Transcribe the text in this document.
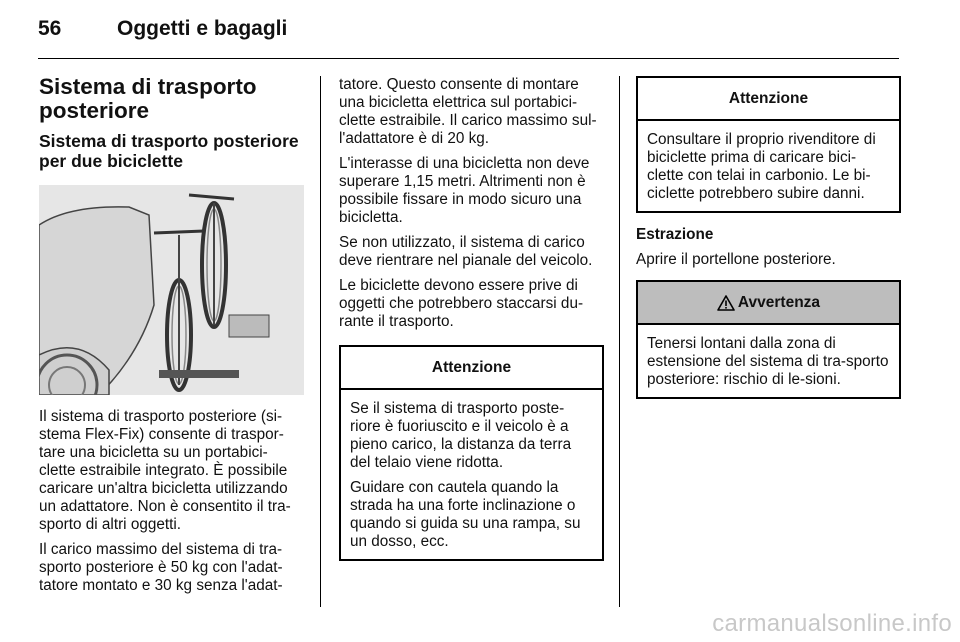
56	Oggetti e bagagli
Sistema di trasporto posteriore
Sistema di trasporto posteriore per due biciclette

Il sistema di trasporto posteriore (si-stema Flex-Fix) consente di traspor-tare una bicicletta su un portabici-clette estraibile integrato. È possibile caricare un'altra bicicletta utilizzando un adattatore. Non è consentito il tra-sporto di altri oggetti.

Il carico massimo del sistema di tra-sporto posteriore è 50 kg con l'adat-tatore montato e 30 kg senza l'adat-

tatore. Questo consente di montare una bicicletta elettrica sul portabici-clette estraibile. Il carico massimo sul-l'adattatore è di 20 kg.

L'interasse di una bicicletta non deve superare 1,15 metri. Altrimenti non è possibile fissare in modo sicuro una bicicletta.

Se non utilizzato, il sistema di carico deve rientrare nel pianale del veicolo.

Le biciclette devono essere prive di oggetti che potrebbero staccarsi du-rante il trasporto.

Attenzione

Se il sistema di trasporto poste-riore è fuoriuscito e il veicolo è a pieno carico, la distanza da terra del telaio viene ridotta.

Guidare con cautela quando la strada ha una forte inclinazione o quando si guida su una rampa, su un dosso, ecc.

Attenzione

Consultare il proprio rivenditore di biciclette prima di caricare bici-clette con telai in carbonio. Le bi-ciclette potrebbero subire danni.

Estrazione

Aprire il portellone posteriore.

Avvertenza

Tenersi lontani dalla zona di estensione del sistema di tra-sporto posteriore: rischio di le-sioni.

carmanualsonline.info
